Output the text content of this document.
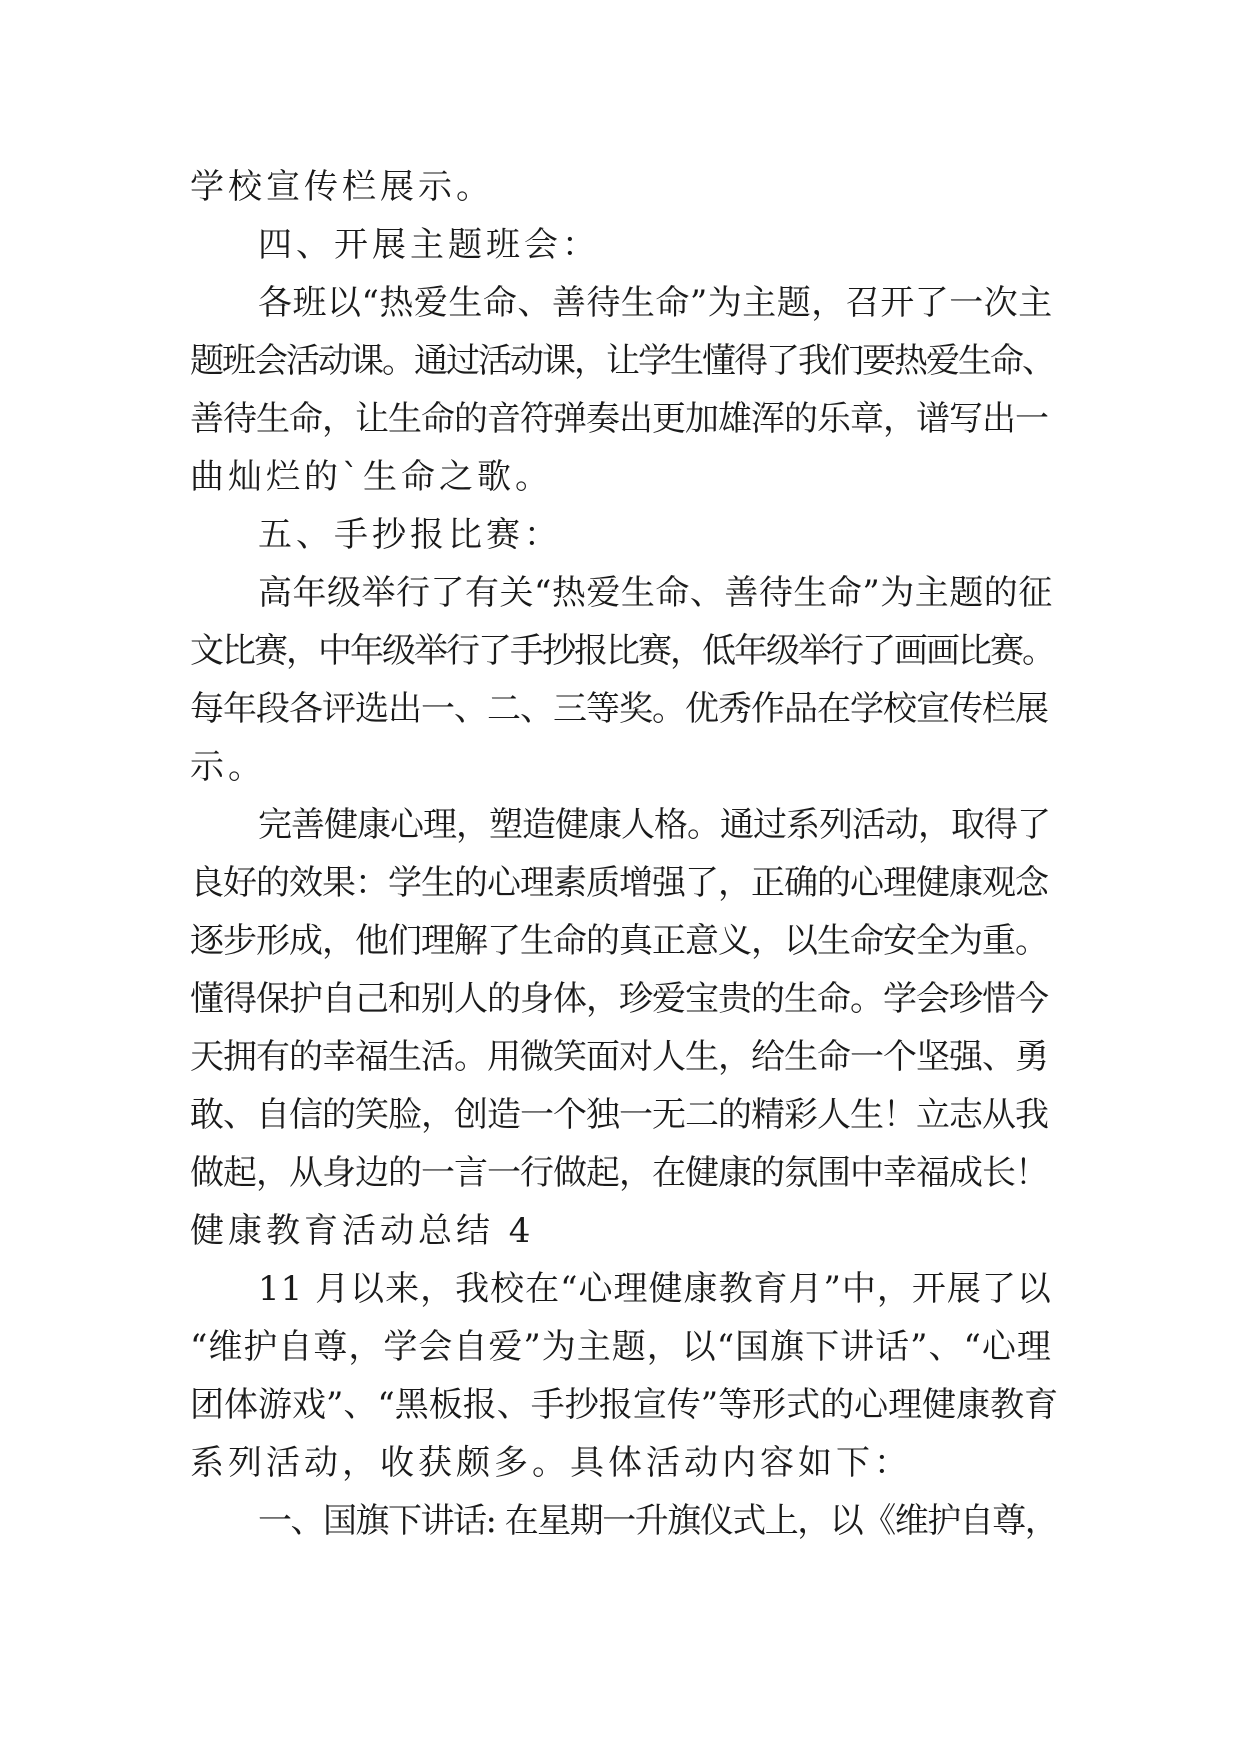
学校宣传栏展示。
四、开展主题班会：
各班以“热爱生命、善待生命”为主题，召开了一次主
题班会活动课。通过活动课，让学生懂得了我们要热爱生命、
善待生命，让生命的音符弹奏出更加雄浑的乐章，谱写出一
曲灿烂的`生命之歌。
五、手抄报比赛：
高年级举行了有关“热爱生命、善待生命”为主题的征
文比赛，中年级举行了手抄报比赛，低年级举行了画画比赛。
每年段各评选出一、二、三等奖。优秀作品在学校宣传栏展
示。
完善健康心理，塑造健康人格。通过系列活动，取得了
良好的效果：学生的心理素质增强了，正确的心理健康观念
逐步形成，他们理解了生命的真正意义，以生命安全为重。
懂得保护自己和别人的身体，珍爱宝贵的生命。学会珍惜今
天拥有的幸福生活。用微笑面对人生，给生命一个坚强、勇
敢、自信的笑脸，创造一个独一无二的精彩人生！立志从我
做起，从身边的一言一行做起，在健康的氛围中幸福成长！
健康教育活动总结 4
11 月以来，我校在“心理健康教育月”中，开展了以
“维护自尊，学会自爱”为主题，以“国旗下讲话”、“心理
团体游戏”、“黑板报、手抄报宣传”等形式的心理健康教育
系列活动，收获颇多。具体活动内容如下：
一、国旗下讲话: 在星期一升旗仪式上，以《维护自尊，
